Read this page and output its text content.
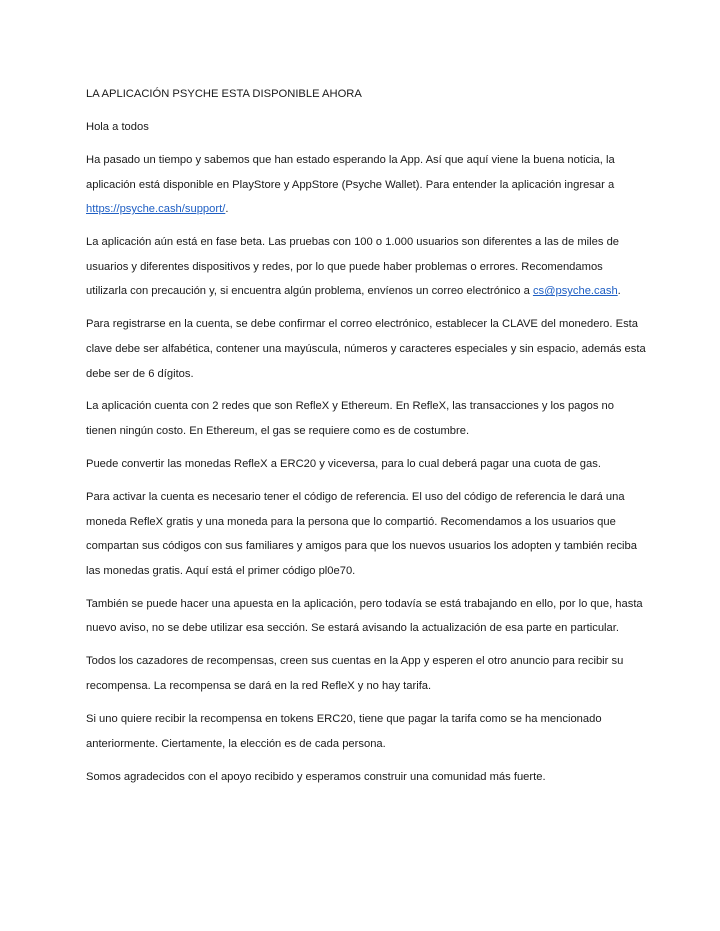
LA APLICACIÓN PSYCHE ESTA DISPONIBLE AHORA

Hola a todos

Ha pasado un tiempo y sabemos que han estado esperando la App. Así que aquí viene la buena noticia, la aplicación está disponible en PlayStore y AppStore (Psyche Wallet). Para entender la aplicación ingresar a https://psyche.cash/support/.

La aplicación aún está en fase beta. Las pruebas con 100 o 1.000 usuarios son diferentes a las de miles de usuarios y diferentes dispositivos y redes, por lo que puede haber problemas o errores. Recomendamos utilizarla con precaución y, si encuentra algún problema, envíenos un correo electrónico a cs@psyche.cash.

Para registrarse en la cuenta, se debe confirmar el correo electrónico, establecer la CLAVE del monedero. Esta clave debe ser alfabética, contener una mayúscula, números y caracteres especiales y sin espacio, además esta debe ser de 6 dígitos.

La aplicación cuenta con 2 redes que son RefleX y Ethereum. En RefleX, las transacciones y los pagos no tienen ningún costo. En Ethereum, el gas se requiere como es de costumbre.

Puede convertir las monedas RefleX a ERC20 y viceversa, para lo cual deberá pagar una cuota de gas.

Para activar la cuenta es necesario tener el código de referencia. El uso del código de referencia le dará una moneda RefleX gratis y una moneda para la persona que lo compartió. Recomendamos a los usuarios que compartan sus códigos con sus familiares y amigos para que los nuevos usuarios los adopten y también reciba las monedas gratis. Aquí está el primer código pl0e70.

También se puede hacer una apuesta en la aplicación, pero todavía se está trabajando en ello, por lo que, hasta nuevo aviso, no se debe utilizar esa sección. Se estará avisando la actualización de esa parte en particular.

Todos los cazadores de recompensas, creen sus cuentas en la App y esperen el otro anuncio para recibir su recompensa. La recompensa se dará en la red RefleX y no hay tarifa.

Si uno quiere recibir la recompensa en tokens ERC20, tiene que pagar la tarifa como se ha mencionado anteriormente. Ciertamente, la elección es de cada persona.

Somos agradecidos con el apoyo recibido y esperamos construir una comunidad más fuerte.
